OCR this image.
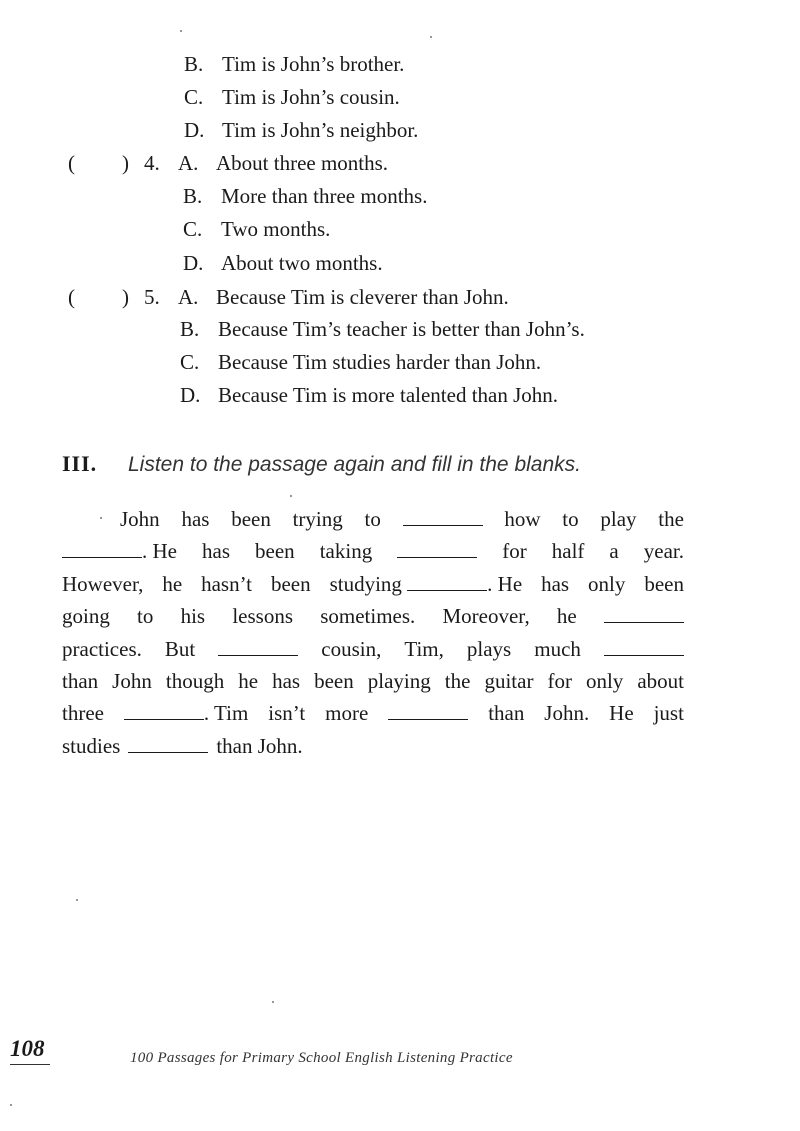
B. Tim is John’s brother.
C. Tim is John’s cousin.
D. Tim is John’s neighbor.
( ) 4. A. About three months.
B. More than three months.
C. Two months.
D. About two months.
( ) 5. A. Because Tim is cleverer than John.
B. Because Tim’s teacher is better than John’s.
C. Because Tim studies harder than John.
D. Because Tim is more talented than John.
III. Listen to the passage again and fill in the blanks.
John has been trying to	how to play the
. He has been taking	for half a year.
However, he hasn’t been studying	. He has only been
going to his lessons sometimes. Moreover, he
practices. But	cousin, Tim, plays much
than John though he has been playing the guitar for only about
three	. Tim isn’t more	than John. He just
studies	than John.
108	100 Passages for Primary School English Listening Practice
